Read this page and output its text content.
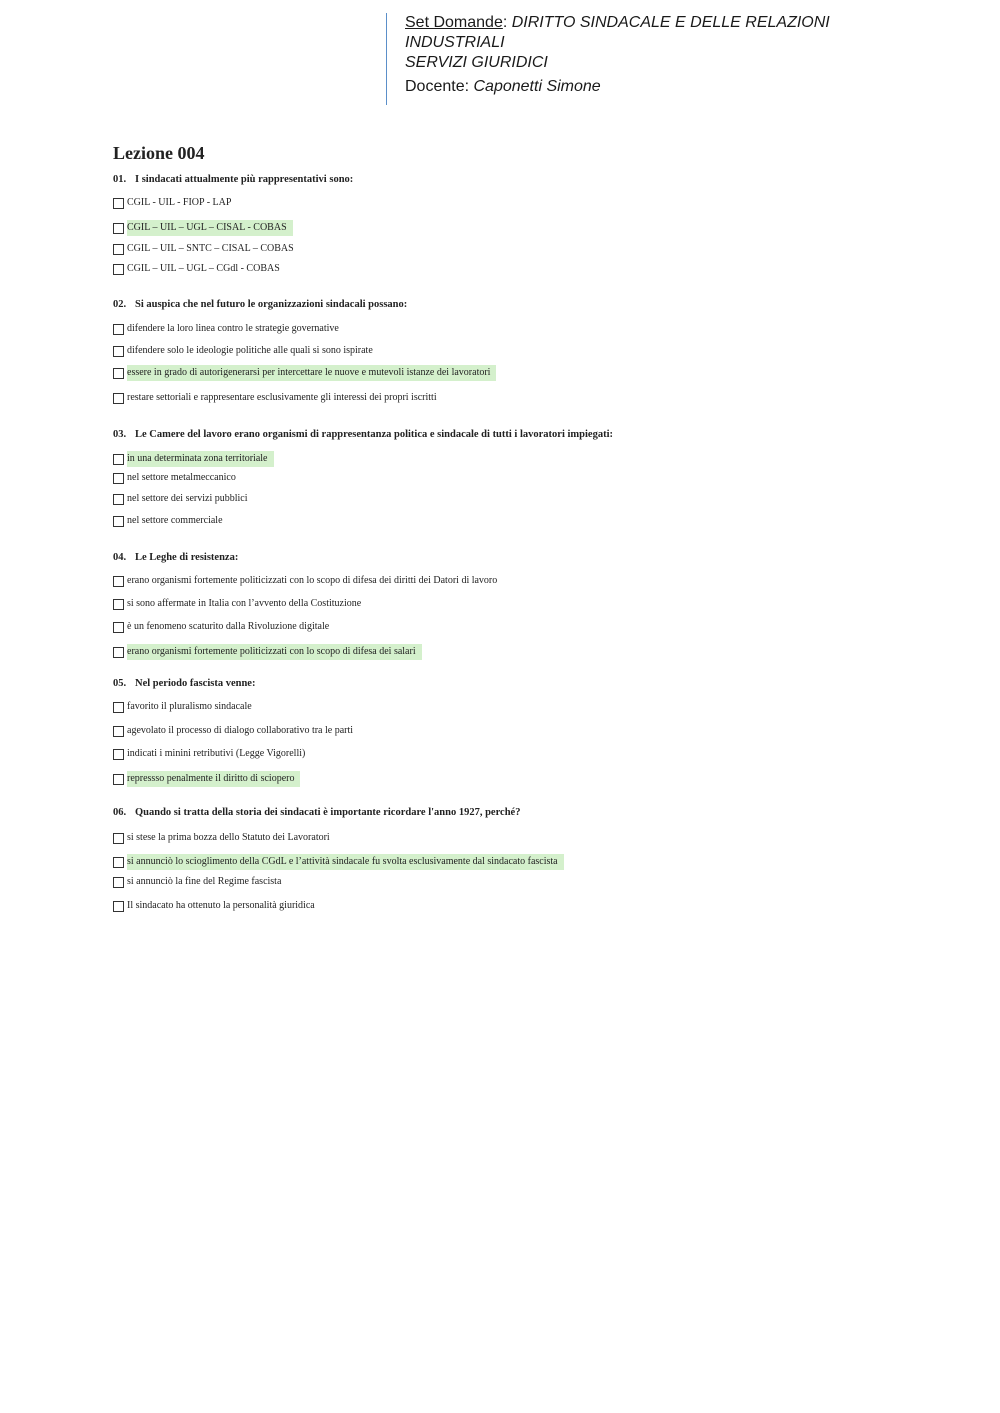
Set Domande: DIRITTO SINDACALE E DELLE RELAZIONI
INDUSTRIALI
SERVIZI GIURIDICI
Docente: Caponetti Simone
Lezione 004
01. I sindacati attualmente più rappresentativi sono:
CGIL - UIL - FIOP - LAP
CGIL – UIL – UGL – CISAL - COBAS
CGIL – UIL – SNTC – CISAL – COBAS
CGIL – UIL – UGL – CGdl - COBAS
02. Si auspica che nel futuro le organizzazioni sindacali possano:
difendere la loro linea contro le strategie governative
difendere solo le ideologie politiche alle quali si sono ispirate
essere in grado di autorigenerarsi per intercettare le nuove e mutevoli istanze dei lavoratori
restare settoriali e rappresentare esclusivamente gli interessi dei propri iscritti
03. Le Camere del lavoro erano organismi di rappresentanza politica e sindacale di tutti i lavoratori impiegati:
in una determinata zona territoriale
nel settore metalmeccanico
nel settore dei servizi pubblici
nel settore commerciale
04. Le Leghe di resistenza:
erano organismi fortemente politicizzati con lo scopo di difesa dei diritti dei Datori di lavoro
si sono affermate in Italia con l’avvento della Costituzione
è un fenomeno scaturito dalla Rivoluzione digitale
erano organismi fortemente politicizzati con lo scopo di difesa dei salari
05. Nel periodo fascista venne:
favorito il pluralismo sindacale
agevolato il processo di dialogo collaborativo tra le parti
indicati i minini retributivi (Legge Vigorelli)
repressso penalmente il diritto di sciopero
06. Quando si tratta della storia dei sindacati è importante ricordare l'anno 1927, perché?
si stese la prima bozza dello Statuto dei Lavoratori
si annunciò lo scioglimento della CGdL e l’attività sindacale fu svolta esclusivamente dal sindacato fascista
si annunciò la fine del Regime fascista
Il sindacato ha ottenuto la personalità giuridica
